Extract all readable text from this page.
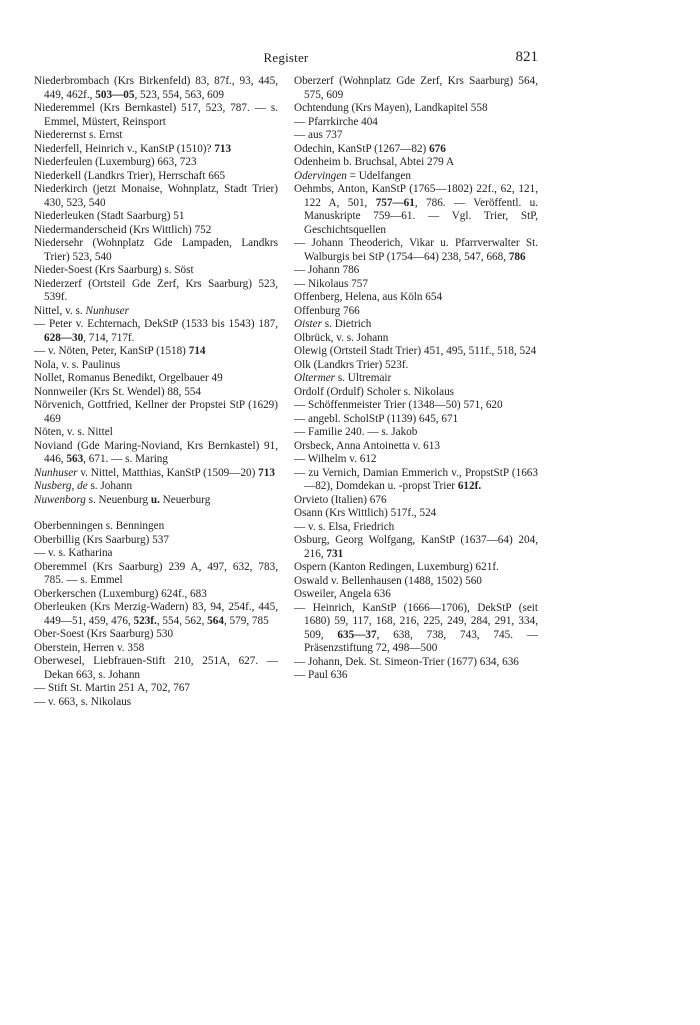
Register	821
Niederbrombach (Krs Birkenfeld) 83, 87f., 93, 445, 449, 462f., 503—05, 523, 554, 563, 609
Niederemmel (Krs Bernkastel) 517, 523, 787. — s. Emmel, Müstert, Reinsport
Niederernst s. Ernst
Niederfell, Heinrich v., KanStP (1510)? 713
Niederfeulen (Luxemburg) 663, 723
Niederkell (Landkrs Trier), Herrschaft 665
Niederkirch (jetzt Monaise, Wohnplatz, Stadt Trier) 430, 523, 540
Niederleuken (Stadt Saarburg) 51
Niedermanderscheid (Krs Wittlich) 752
Niedersehr (Wohnplatz Gde Lampaden, Landkrs Trier) 523, 540
Nieder-Soest (Krs Saarburg) s. Söst
Niederzerf (Ortsteil Gde Zerf, Krs Saarburg) 523, 539f.
Nittel, v. s. Nunhuser
— Peter v. Echternach, DekStP (1533 bis 1543) 187, 628—30, 714, 717f.
— v. Nöten, Peter, KanStP (1518) 714
Nola, v. s. Paulinus
Nollet, Romanus Benedikt, Orgelbauer 49
Nonnweiler (Krs St. Wendel) 88, 554
Nörvenich, Gottfried, Kellner der Propstei StP (1629) 469
Nöten, v. s. Nittel
Noviand (Gde Maring-Noviand, Krs Bernkastel) 91, 446, 563, 671. — s. Maring
Nunhuser v. Nittel, Matthias, KanStP (1509—20) 713
Nusberg, de s. Johann
Nuwenborg s. Neuenburg u. Neuerburg
Oberbenningen s. Benningen
Oberbillig (Krs Saarburg) 537
— v. s. Katharina
Oberemmel (Krs Saarburg) 239 A, 497, 632, 783, 785. — s. Emmel
Oberkerschen (Luxemburg) 624f., 683
Oberleuken (Krs Merzig-Wadern) 83, 94, 254f., 445, 449—51, 459, 476, 523f., 554, 562, 564, 579, 785
Ober-Soest (Krs Saarburg) 530
Oberstein, Herren v. 358
Oberwesel, Liebfrauen-Stift 210, 251A, 627. — Dekan 663, s. Johann
— Stift St. Martin 251 A, 702, 767
— v. 663, s. Nikolaus
Oberzerf (Wohnplatz Gde Zerf, Krs Saarburg) 564, 575, 609
Ochtendung (Krs Mayen), Landkapitel 558
— Pfarrkirche 404
— aus 737
Odechin, KanStP (1267—82) 676
Odenheim b. Bruchsal, Abtei 279 A
Odervingen = Udelfangen
Oehmbs, Anton, KanStP (1765—1802) 22f., 62, 121, 122 A, 501, 757—61, 786. — Veröffentl. u. Manuskripte 759—61. — Vgl. Trier, StP, Geschichtsquellen
— Johann Theoderich, Vikar u. Pfarrverwalter St. Walburgis bei StP (1754—64) 238, 547, 668, 786
— Johann 786
— Nikolaus 757
Offenberg, Helena, aus Köln 654
Offenburg 766
Oister s. Dietrich
Olbrück, v. s. Johann
Olewig (Ortsteil Stadt Trier) 451, 495, 511f., 518, 524
Olk (Landkrs Trier) 523f.
Oltermer s. Ultremair
Ordolf (Ordulf) Scholer s. Nikolaus
— Schöffenmeister Trier (1348—50) 571, 620
— angebl. ScholStP (1139) 645, 671
— Familie 240. — s. Jakob
Orsbeck, Anna Antoinetta v. 613
— Wilhelm v. 612
— zu Vernich, Damian Emmerich v., PropstStP (1663—82), Domdekan u. -propst Trier 612f.
Orvieto (Italien) 676
Osann (Krs Wittlich) 517f., 524
— v. s. Elsa, Friedrich
Osburg, Georg Wolfgang, KanStP (1637—64) 204, 216, 731
Ospern (Kanton Redingen, Luxemburg) 621f.
Oswald v. Bellenhausen (1488, 1502) 560
Osweiler, Angela 636
— Heinrich, KanStP (1666—1706), DekStP (seit 1680) 59, 117, 168, 216, 225, 249, 284, 291, 334, 509, 635—37, 638, 738, 743, 745. — Präsenzstiftung 72, 498—500
— Johann, Dek. St. Simeon-Trier (1677) 634, 636
— Paul 636
